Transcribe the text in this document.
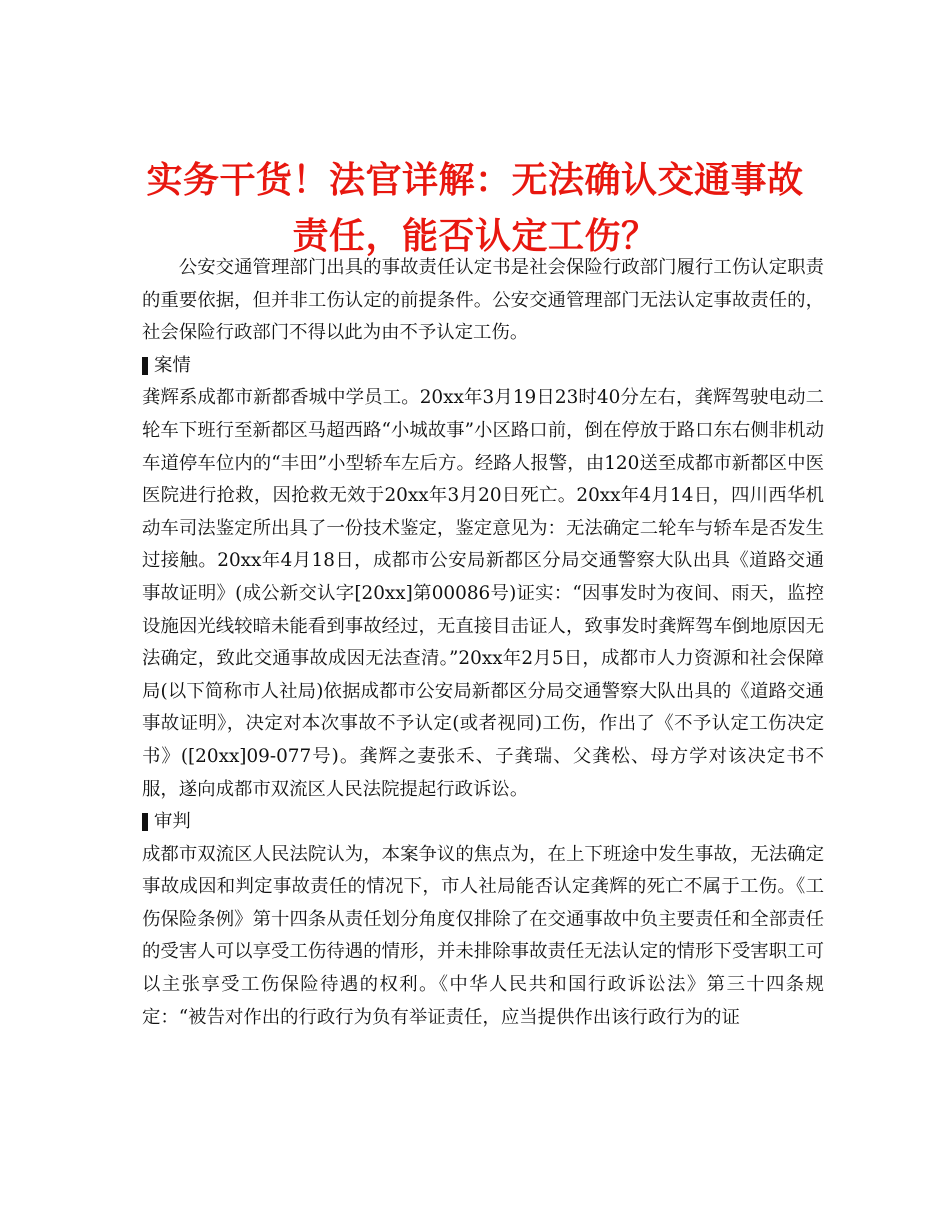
实务干货！法官详解：无法确认交通事故责任，能否认定工伤？

公安交通管理部门出具的事故责任认定书是社会保险行政部门履行工伤认定职责的重要依据，但并非工伤认定的前提条件。公安交通管理部门无法认定事故责任的，社会保险行政部门不得以此为由不予认定工伤。

案情

龚辉系成都市新都香城中学员工。20xx年3月19日23时40分左右，龚辉驾驶电动二轮车下班行至新都区马超西路“小城故事”小区路口前，倒在停放于路口东右侧非机动车道停车位内的“丰田”小型轿车左后方。经路人报警，由120送至成都市新都区中医医院进行抢救，因抢救无效于20xx年3月20日死亡。20xx年4月14日，四川西华机动车司法鉴定所出具了一份技术鉴定，鉴定意见为：无法确定二轮车与轿车是否发生过接触。20xx年4月18日，成都市公安局新都区分局交通警察大队出具《道路交通事故证明》(成公新交认字[20xx]第00086号)证实：“因事发时为夜间、雨天，监控设施因光线较暗未能看到事故经过，无直接目击证人，致事发时龚辉驾车倒地原因无法确定，致此交通事故成因无法查清。”20xx年2月5日，成都市人力资源和社会保障局(以下简称市人社局)依据成都市公安局新都区分局交通警察大队出具的《道路交通事故证明》，决定对本次事故不予认定(或者视同)工伤，作出了《不予认定工伤决定书》([20xx]09-077号)。龚辉之妻张禾、子龚瑞、父龚松、母方学对该决定书不服，遂向成都市双流区人民法院提起行政诉讼。

审判

成都市双流区人民法院认为，本案争议的焦点为，在上下班途中发生事故，无法确定事故成因和判定事故责任的情况下，市人社局能否认定龚辉的死亡不属于工伤。《工伤保险条例》第十四条从责任划分角度仅排除了在交通事故中负主要责任和全部责任的受害人可以享受工伤待遇的情形，并未排除事故责任无法认定的情形下受害职工可以主张享受工伤保险待遇的权利。《中华人民共和国行政诉讼法》第三十四条规定：“被告对作出的行政行为负有举证责任，应当提供作出该行政行为的证
